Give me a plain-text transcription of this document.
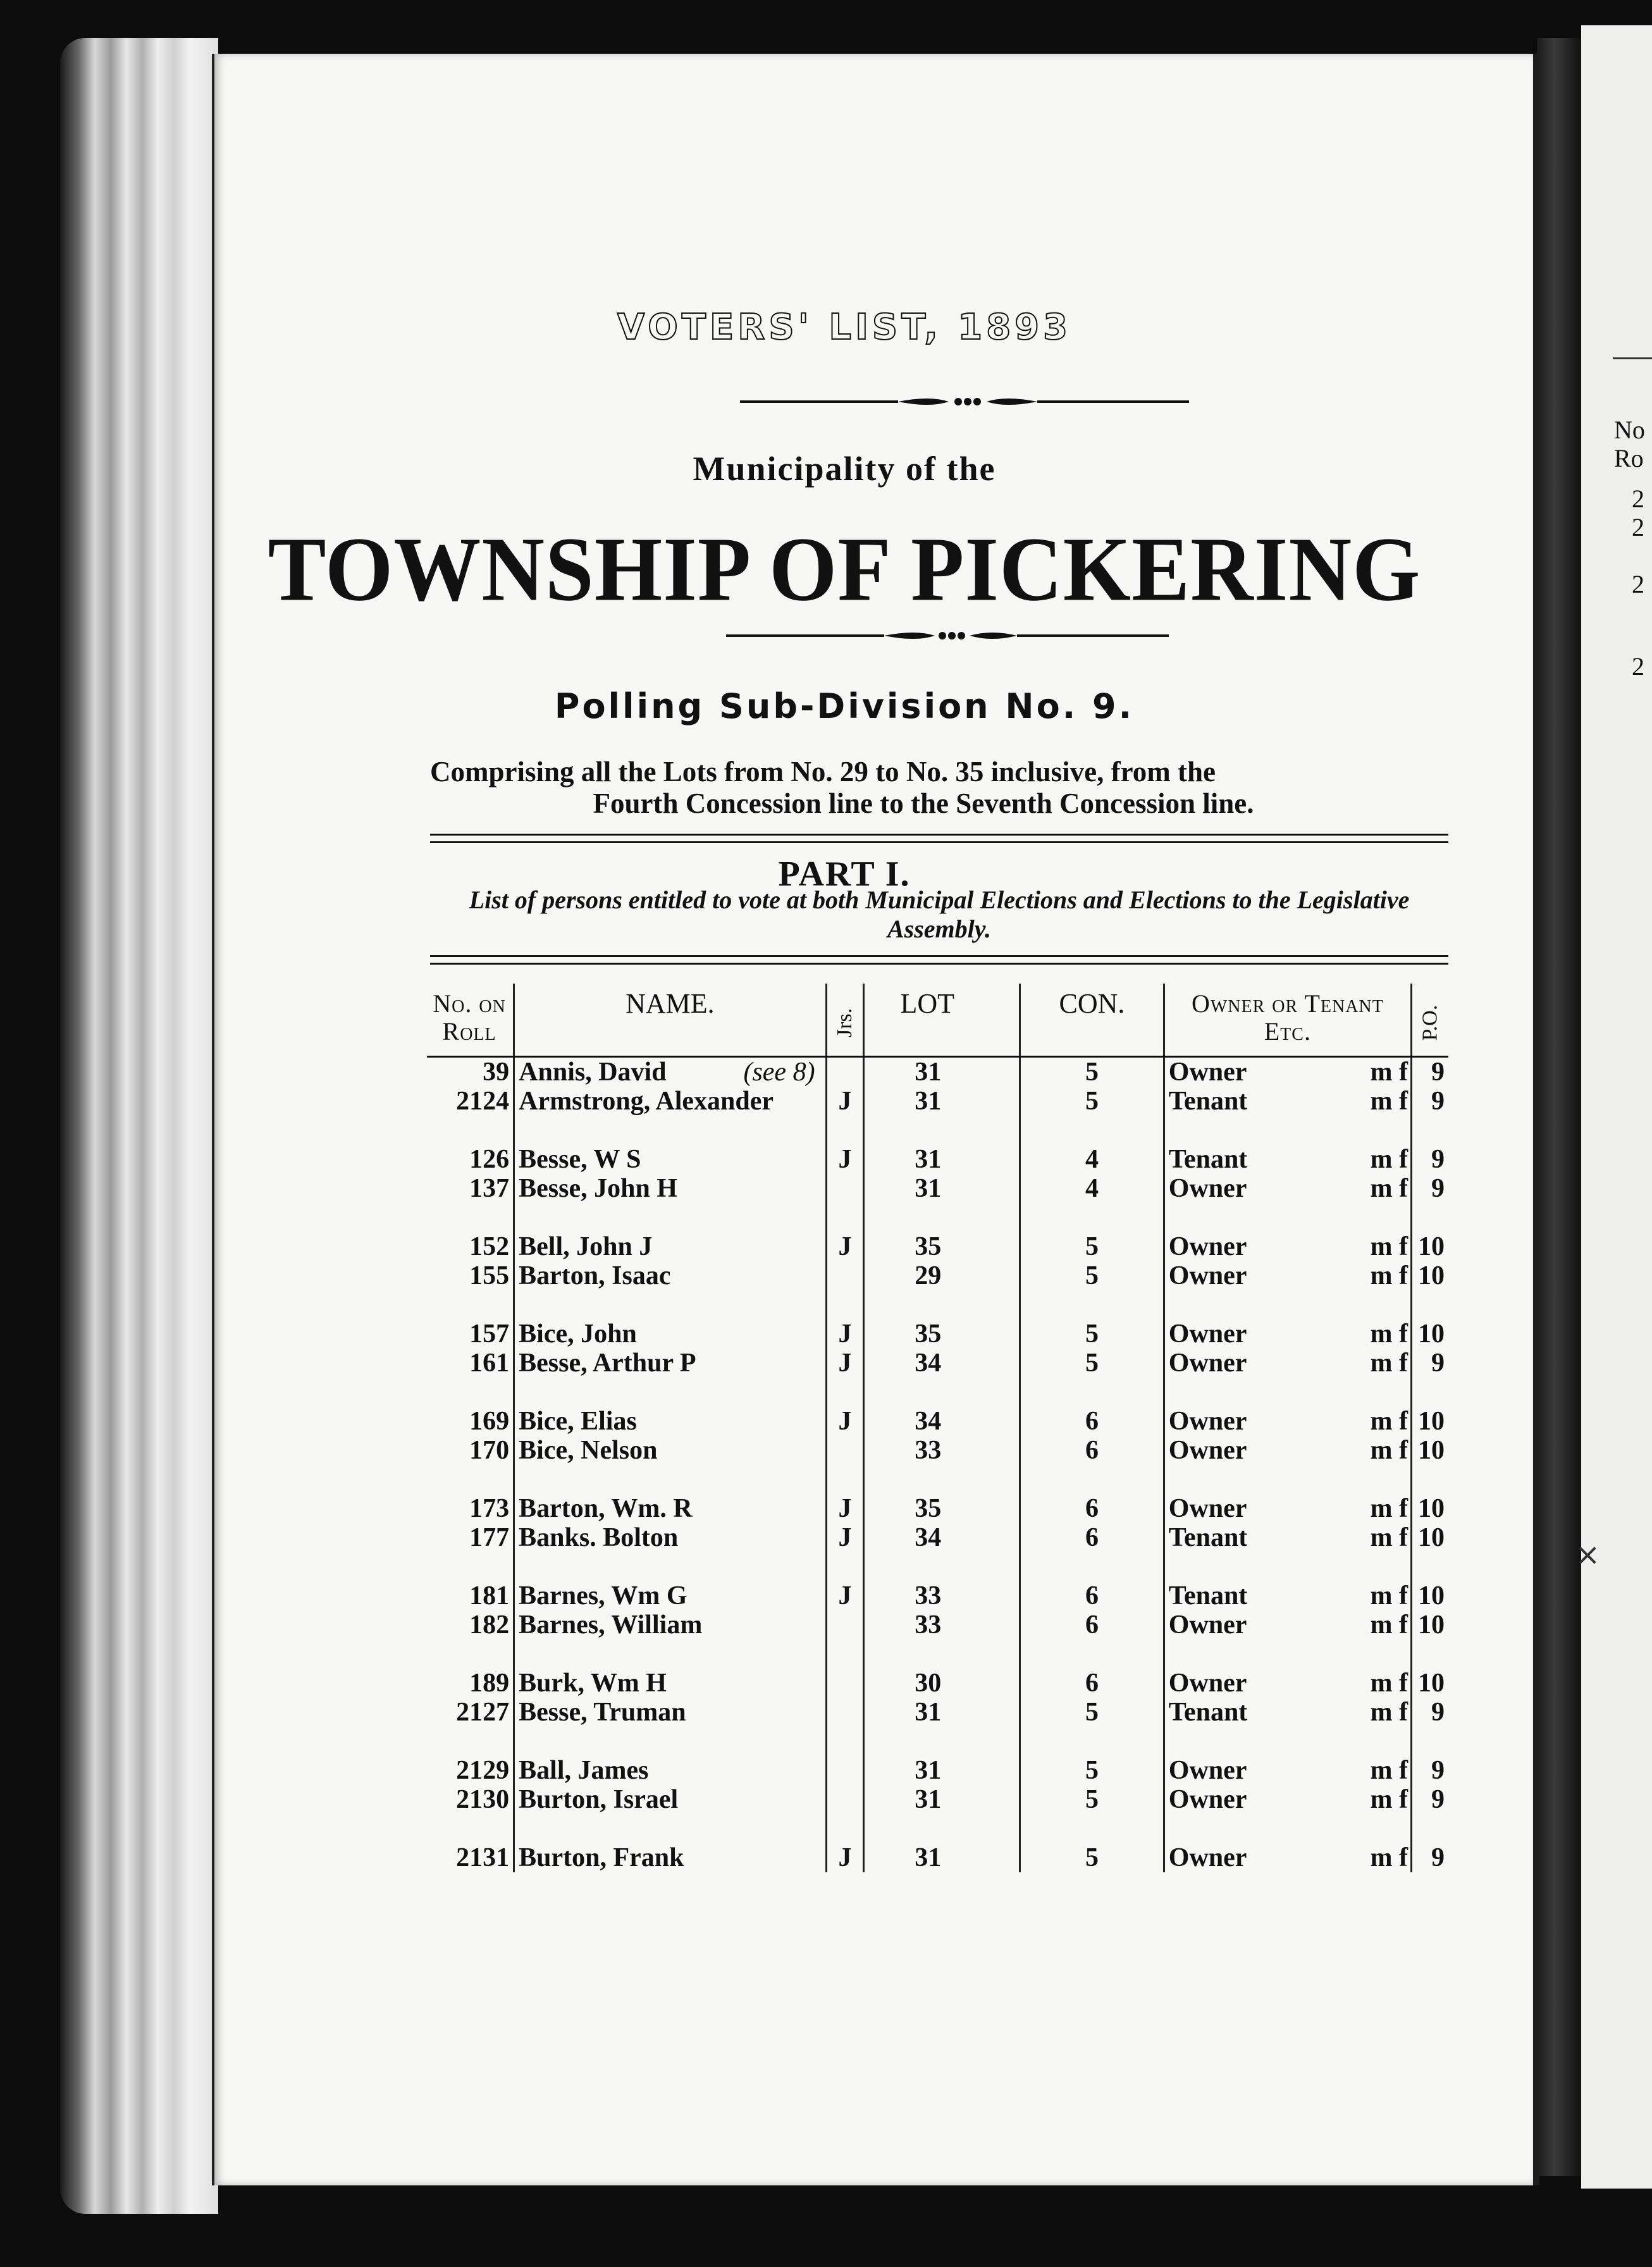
No
Ro
2
2
2
2
×
VOTERS' LIST, 1893
Municipality of the
TOWNSHIP OF PICKERING
Polling Sub-Division No. 9.
Comprising all the Lots from No. 29 to No. 35 inclusive, from the
Fourth Concession line to the Seventh Concession line.
PART I.
List of persons entitled to vote at both Municipal Elections and Elections to the Legislative Assembly.
No. on
Roll	NAME.	Jrs.	LOT	CON.	Owner or Tenant
Etc.		P.O.
39	Annis, David (see 8)		31	5	Owner	m f	9
2124	Armstrong, Alexander	J	31	5	Tenant	m f	9

126	Besse, W S	J	31	4	Tenant	m f	9
137	Besse, John H		31	4	Owner	m f	9

152	Bell, John J	J	35	5	Owner	m f	10
155	Barton, Isaac		29	5	Owner	m f	10

157	Bice, John	J	35	5	Owner	m f	10
161	Besse, Arthur P	J	34	5	Owner	m f	9

169	Bice, Elias	J	34	6	Owner	m f	10
170	Bice, Nelson		33	6	Owner	m f	10

173	Barton, Wm. R	J	35	6	Owner	m f	10
177	Banks. Bolton	J	34	6	Tenant	m f	10

181	Barnes, Wm G	J	33	6	Tenant	m f	10
182	Barnes, William		33	6	Owner	m f	10

189	Burk, Wm H		30	6	Owner	m f	10
2127	Besse, Truman		31	5	Tenant	m f	9

2129	Ball, James		31	5	Owner	m f	9
2130	Burton, Israel		31	5	Owner	m f	9

2131	Burton, Frank	J	31	5	Owner	m f	9
